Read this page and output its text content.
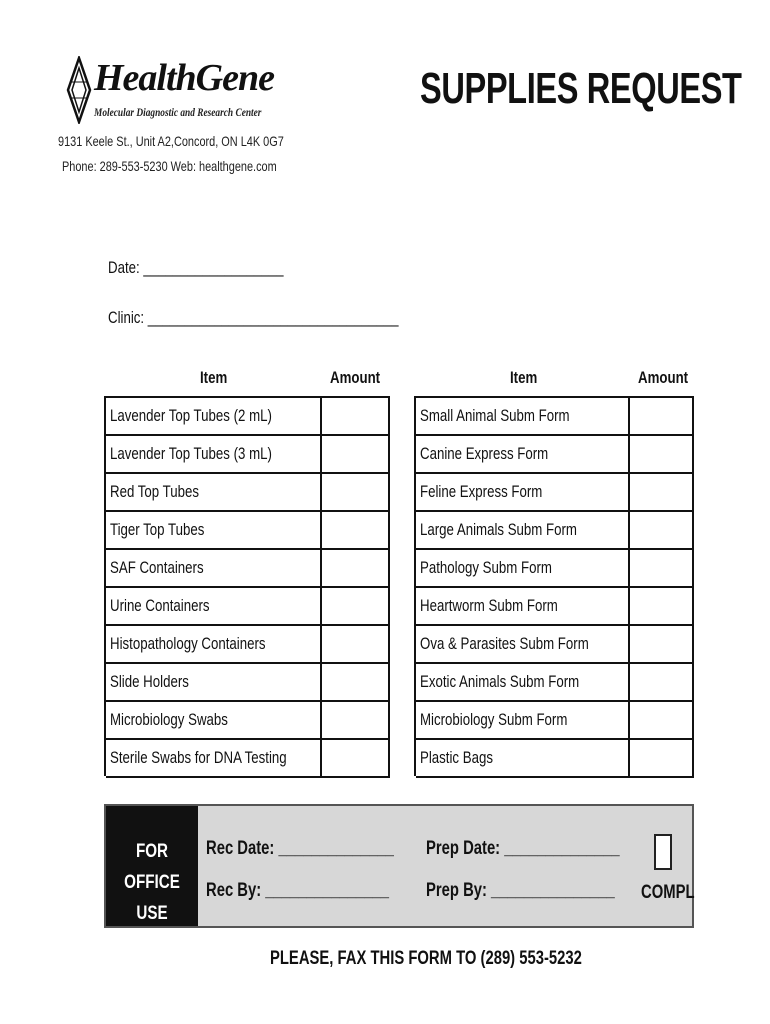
HealthGene
Molecular Diagnostic and Research Center	SUPPLIES REQUEST
9131 Keele St., Unit A2,Concord, ON L4K 0G7
Phone: 289-553-5230 Web: healthgene.com
Date: ___________________
Clinic: __________________________________
Item	Amount
Lavender Top Tubes (2 mL)
Lavender Top Tubes (3 mL)
Red Top Tubes
Tiger Top Tubes
SAF Containers
Urine Containers
Histopathology Containers
Slide Holders
Microbiology Swabs
Sterile Swabs for DNA Testing
Item	Amount
Small Animal Subm Form
Canine Express Form
Feline Express Form
Large Animals Subm Form
Pathology Subm Form
Heartworm Subm Form
Ova & Parasites Subm Form
Exotic Animals Subm Form
Microbiology Subm Form
Plastic Bags
FOR OFFICE
USE ONLY
Rec Date: ______________
Rec By: _______________
Prep Date: ______________
Prep By: _______________	COMPL
PLEASE, FAX THIS FORM TO (289) 553-5232
